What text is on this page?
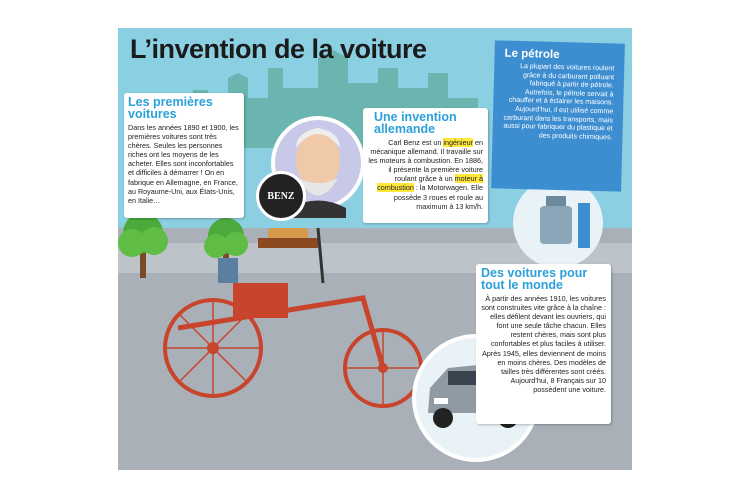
L’invention de la voiture
Les premières voitures
Dans les années 1890 et 1900, les premières voitures sont très chères. Seules les personnes riches ont les moyens de les acheter. Elles sont inconfortables et difficiles à démarrer ! On en fabrique en Allemagne, en France, au Royaume-Uni, aux États-Unis, en Italie…	BENZ
Une invention allemande
Carl Benz est un ingénieur en mécanique allemand. Il travaille sur les moteurs à combustion. En 1886, il présente la première voiture roulant grâce à un moteur à combustion : la Motorwagen. Elle possède 3 roues et roule au maximum à 13 km/h.
Le pétrole
La plupart des voitures roulent grâce à du carburant polluant fabriqué à partir de pétrole. Autrefois, le pétrole servait à chauffer et à éclairer les maisons. Aujourd’hui, il est utilisé comme carburant dans les transports, mais aussi pour fabriquer du plastique et des produits chimiques.
Des voitures pour tout le monde
À partir des années 1910, les voitures sont construites vite grâce à la chaîne : elles défilent devant les ouvriers, qui font une seule tâche chacun. Elles restent chères, mais sont plus confortables et plus faciles à utiliser. Après 1945, elles deviennent de moins en moins chères. Des modèles de tailles très différentes sont créés. Aujourd’hui, 8 Français sur 10 possèdent une voiture.
